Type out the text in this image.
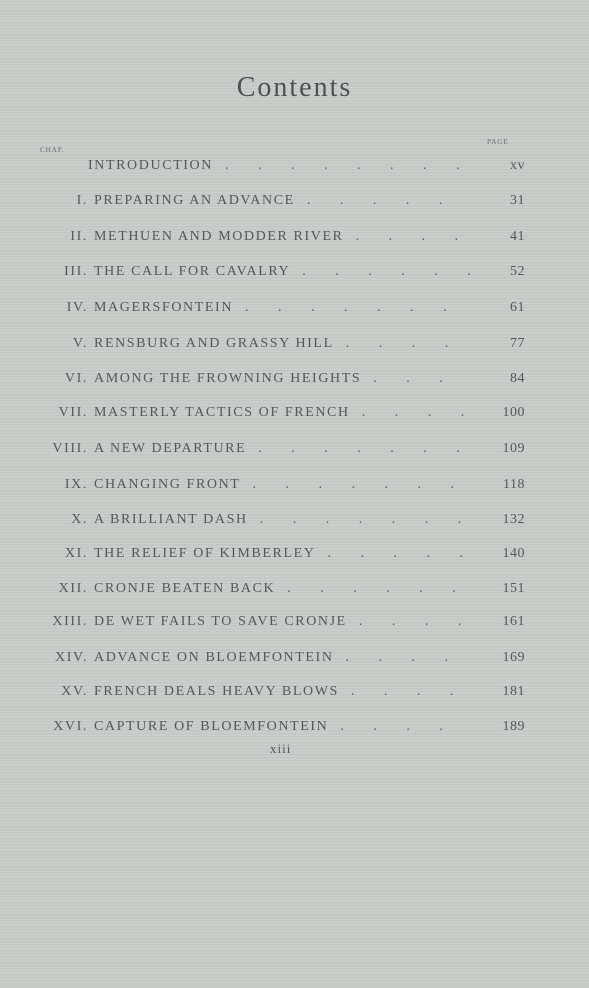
Contents
CHAP.
PAGE
INTRODUCTION . . . . . . . .	xv
I. PREPARING AN ADVANCE . . . . .	31
II. METHUEN AND MODDER RIVER . . . .	41
III. THE CALL FOR CAVALRY . . . . . .	52
IV. MAGERSFONTEIN . . . . . . .	61
V. RENSBURG AND GRASSY HILL . . . .	77
VI. AMONG THE FROWNING HEIGHTS . . .	84
VII. MASTERLY TACTICS OF FRENCH . . . .	100
VIII. A NEW DEPARTURE . . . . . . .	109
IX. CHANGING FRONT . . . . . . .	118
X. A BRILLIANT DASH . . . . . . .	132
XI. THE RELIEF OF KIMBERLEY . . . . .	140
XII. CRONJE BEATEN BACK . . . . . .	151
XIII. DE WET FAILS TO SAVE CRONJE . . . .	161
XIV. ADVANCE ON BLOEMFONTEIN . . . .	169
XV. FRENCH DEALS HEAVY BLOWS . . . .	181
XVI. CAPTURE OF BLOEMFONTEIN . . . .	189
xiii
